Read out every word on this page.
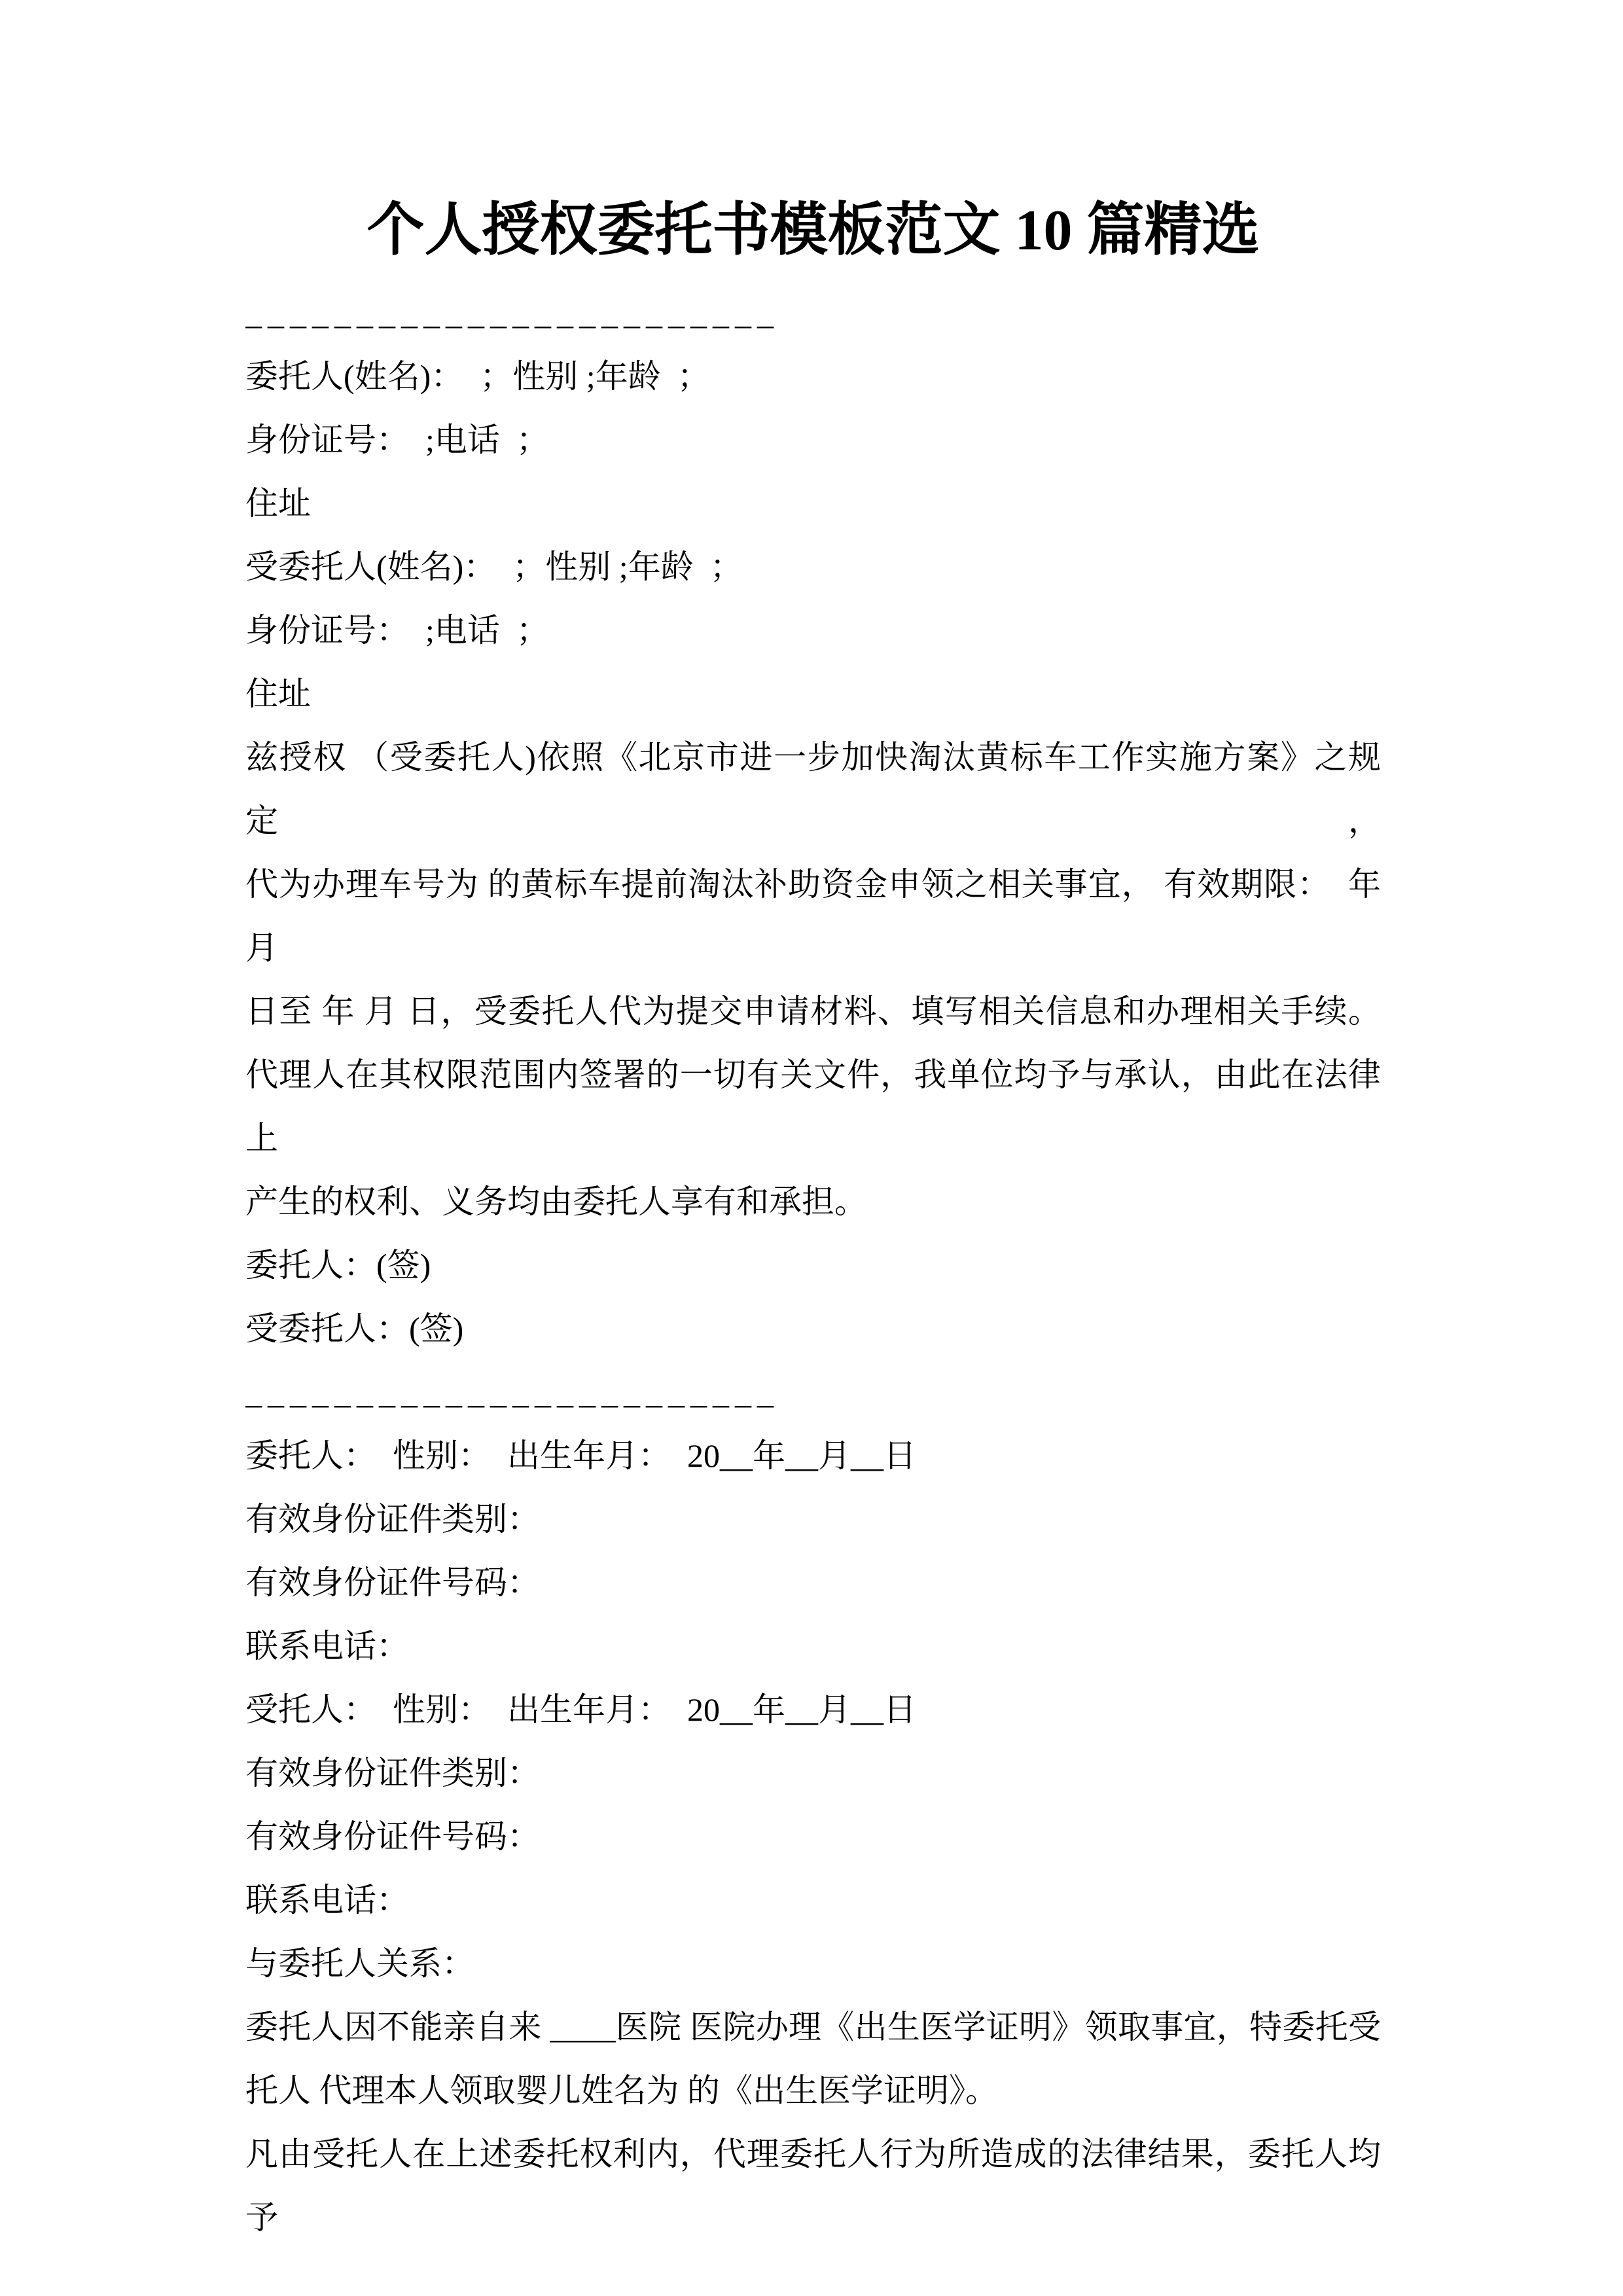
个人授权委托书模板范文 10 篇精选
________________________
委托人(姓名)：  ；性别 ;年龄  ；
身份证号：  ;电话  ；
住址
受委托人(姓名)：  ；性别 ;年龄  ；
身份证号：  ;电话  ；
住址
兹授权 （受委托人)依照《北京市进一步加快淘汰黄标车工作实施方案》之规定，
代为办理车号为 的黄标车提前淘汰补助资金申领之相关事宜， 有效期限：  年
月
日至 年 月 日，受委托人代为提交申请材料、填写相关信息和办理相关手续。
代理人在其权限范围内签署的一切有关文件，我单位均予与承认，由此在法律上
产生的权利、义务均由委托人享有和承担。
委托人：(签)
受委托人：(签)
________________________
委托人：  性别：  出生年月：  20__年__月__日
有效身份证件类别：
有效身份证件号码：
联系电话：
受托人：  性别：  出生年月：  20__年__月__日
有效身份证件类别：
有效身份证件号码：
联系电话：
与委托人关系：
委托人因不能亲自来 ____医院 医院办理《出生医学证明》领取事宜，特委托受
托人 代理本人领取婴儿姓名为 的《出生医学证明》。
凡由受托人在上述委托权利内，代理委托人行为所造成的法律结果，委托人均予
